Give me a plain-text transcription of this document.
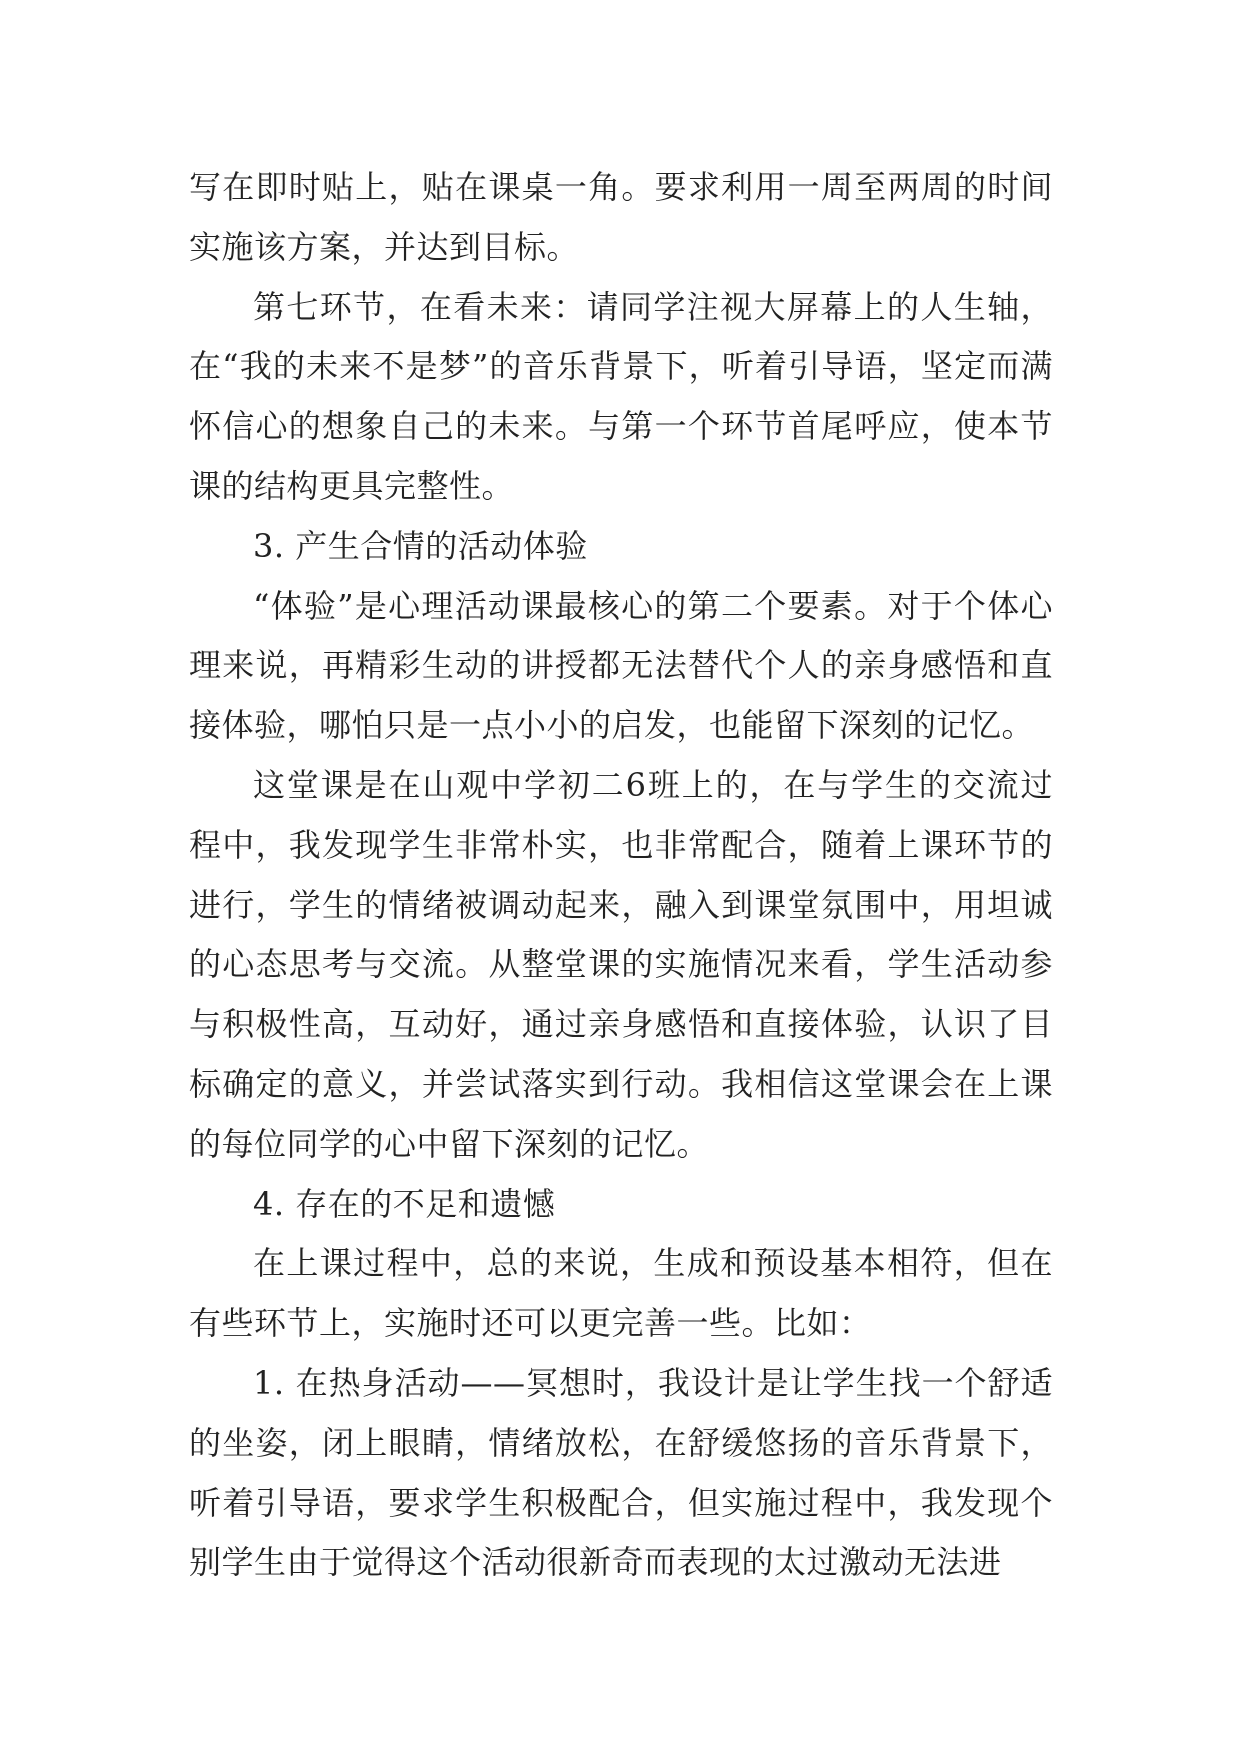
写在即时贴上，贴在课桌一角。要求利用一周至两周的时间实施该方案，并达到目标。

第七环节，在看未来：请同学注视大屏幕上的人生轴，在“我的未来不是梦”的音乐背景下，听着引导语，坚定而满怀信心的想象自己的未来。与第一个环节首尾呼应，使本节课的结构更具完整性。

3. 产生合情的活动体验

“体验”是心理活动课最核心的第二个要素。对于个体心理来说，再精彩生动的讲授都无法替代个人的亲身感悟和直接体验，哪怕只是一点小小的启发，也能留下深刻的记忆。

这堂课是在山观中学初二6班上的，在与学生的交流过程中，我发现学生非常朴实，也非常配合，随着上课环节的进行，学生的情绪被调动起来，融入到课堂氛围中，用坦诚的心态思考与交流。从整堂课的实施情况来看，学生活动参与积极性高，互动好，通过亲身感悟和直接体验，认识了目标确定的意义，并尝试落实到行动。我相信这堂课会在上课的每位同学的心中留下深刻的记忆。

4. 存在的不足和遗憾

在上课过程中，总的来说，生成和预设基本相符，但在有些环节上，实施时还可以更完善一些。比如：

1. 在热身活动——冥想时，我设计是让学生找一个舒适的坐姿，闭上眼睛，情绪放松，在舒缓悠扬的音乐背景下，听着引导语，要求学生积极配合，但实施过程中，我发现个别学生由于觉得这个活动很新奇而表现的太过激动无法进
